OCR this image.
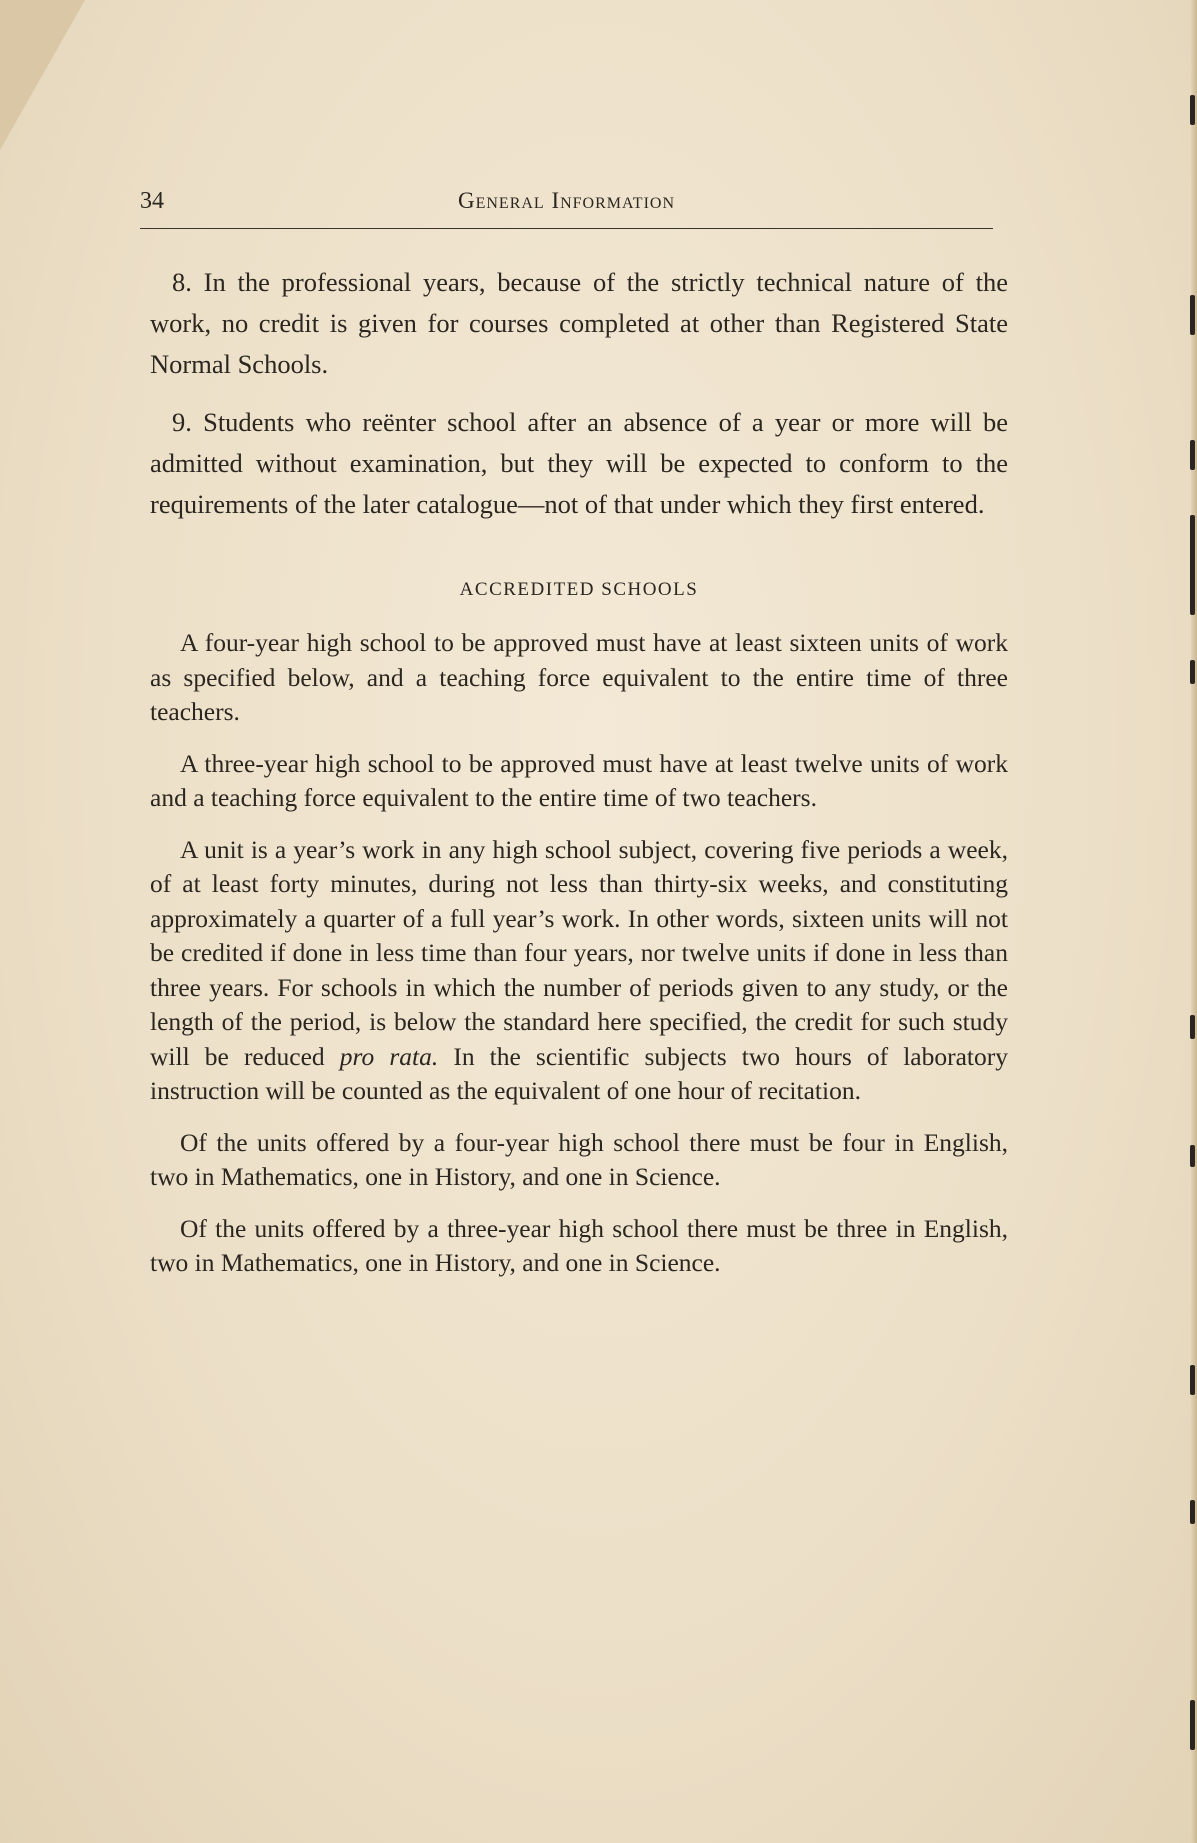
34	General Information

8. In the professional years, because of the strictly technical nature of the work, no credit is given for courses completed at other than Registered State Normal Schools.

9. Students who reënter school after an absence of a year or more will be admitted without examination, but they will be expected to conform to the requirements of the later catalogue—not of that under which they first entered.

ACCREDITED SCHOOLS

A four-year high school to be approved must have at least sixteen units of work as specified below, and a teaching force equivalent to the entire time of three teachers.

A three-year high school to be approved must have at least twelve units of work and a teaching force equivalent to the entire time of two teachers.

A unit is a year’s work in any high school subject, covering five periods a week, of at least forty minutes, during not less than thirty-six weeks, and constituting approximately a quarter of a full year’s work. In other words, sixteen units will not be credited if done in less time than four years, nor twelve units if done in less than three years. For schools in which the number of periods given to any study, or the length of the period, is below the standard here specified, the credit for such study will be reduced pro rata. In the scientific subjects two hours of laboratory instruction will be counted as the equivalent of one hour of recitation.

Of the units offered by a four-year high school there must be four in English, two in Mathematics, one in History, and one in Science.

Of the units offered by a three-year high school there must be three in English, two in Mathematics, one in History, and one in Science.
